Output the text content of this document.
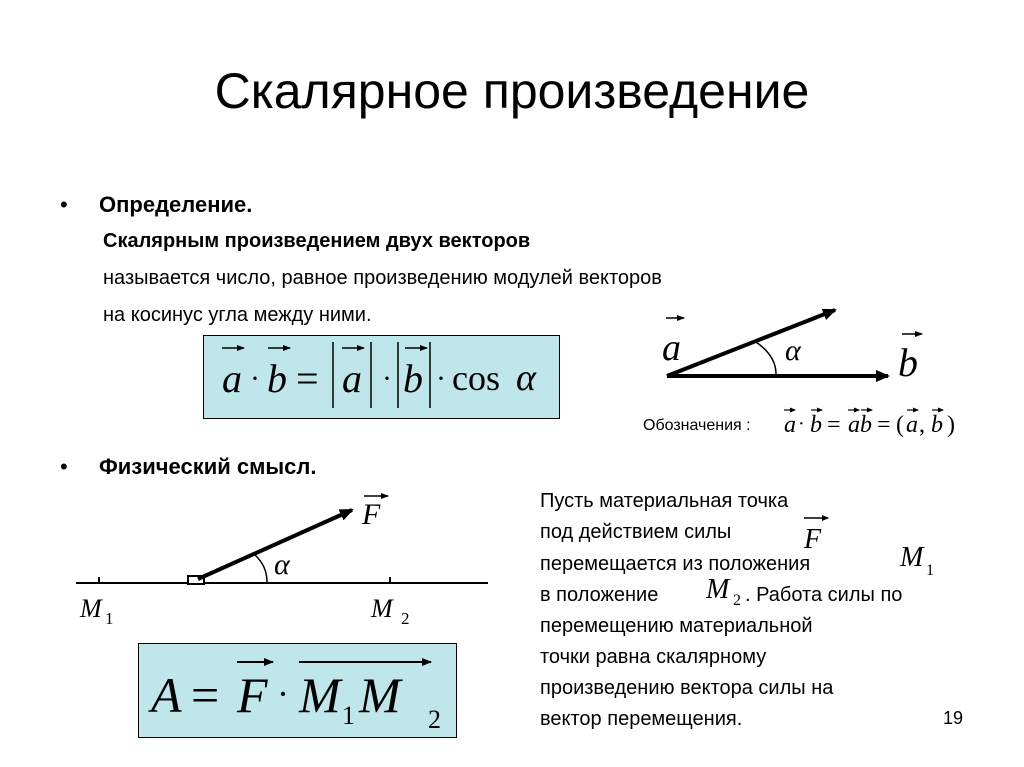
Скалярное произведение
• Определение.
Скалярным произведением двух векторов
называется число, равное произведению модулей векторов
на косинус угла между ними.
a · b = a · b · cos α
a	α b
Обозначения : a · b = a b = ( a , b )
• Физический смысл.
α
F
M 1	M 2
A = F · M 1 M 2
Пусть материальная точка
под действием силы	F
перемещается из положения	M 1
в положение M 2 . Работа силы по
перемещению материальной
точки равна скалярному
произведению вектора силы на
вектор перемещения.	19
